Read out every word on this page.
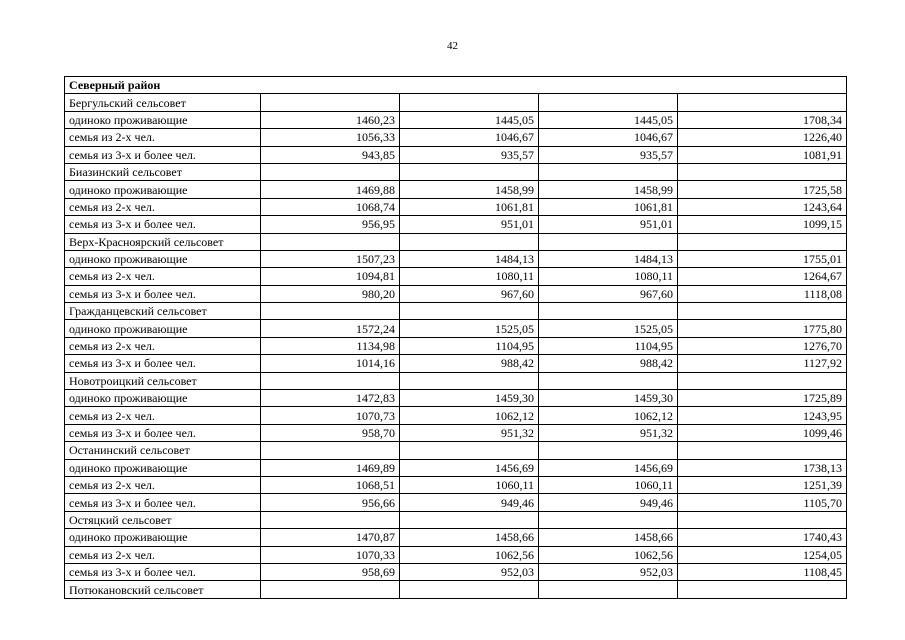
42
Северный район				
Бергульский сельсовет				
одиноко проживающие	1460,23	1445,05	1445,05	1708,34
семья из 2-х чел.	1056,33	1046,67	1046,67	1226,40
семья из 3-х и более чел.	943,85	935,57	935,57	1081,91
Биазинский сельсовет				
одиноко проживающие	1469,88	1458,99	1458,99	1725,58
семья из 2-х чел.	1068,74	1061,81	1061,81	1243,64
семья из 3-х и более чел.	956,95	951,01	951,01	1099,15
Верх-Красноярский сельсовет				
одиноко проживающие	1507,23	1484,13	1484,13	1755,01
семья из 2-х чел.	1094,81	1080,11	1080,11	1264,67
семья из 3-х и более чел.	980,20	967,60	967,60	1118,08
Гражданцевский сельсовет				
одиноко проживающие	1572,24	1525,05	1525,05	1775,80
семья из 2-х чел.	1134,98	1104,95	1104,95	1276,70
семья из 3-х и более чел.	1014,16	988,42	988,42	1127,92
Новотроицкий сельсовет				
одиноко проживающие	1472,83	1459,30	1459,30	1725,89
семья из 2-х чел.	1070,73	1062,12	1062,12	1243,95
семья из 3-х и более чел.	958,70	951,32	951,32	1099,46
Останинский сельсовет				
одиноко проживающие	1469,89	1456,69	1456,69	1738,13
семья из 2-х чел.	1068,51	1060,11	1060,11	1251,39
семья из 3-х и более чел.	956,66	949,46	949,46	1105,70
Остяцкий сельсовет				
одиноко проживающие	1470,87	1458,66	1458,66	1740,43
семья из 2-х чел.	1070,33	1062,56	1062,56	1254,05
семья из 3-х и более чел.	958,69	952,03	952,03	1108,45
Потюкановский сельсовет				
